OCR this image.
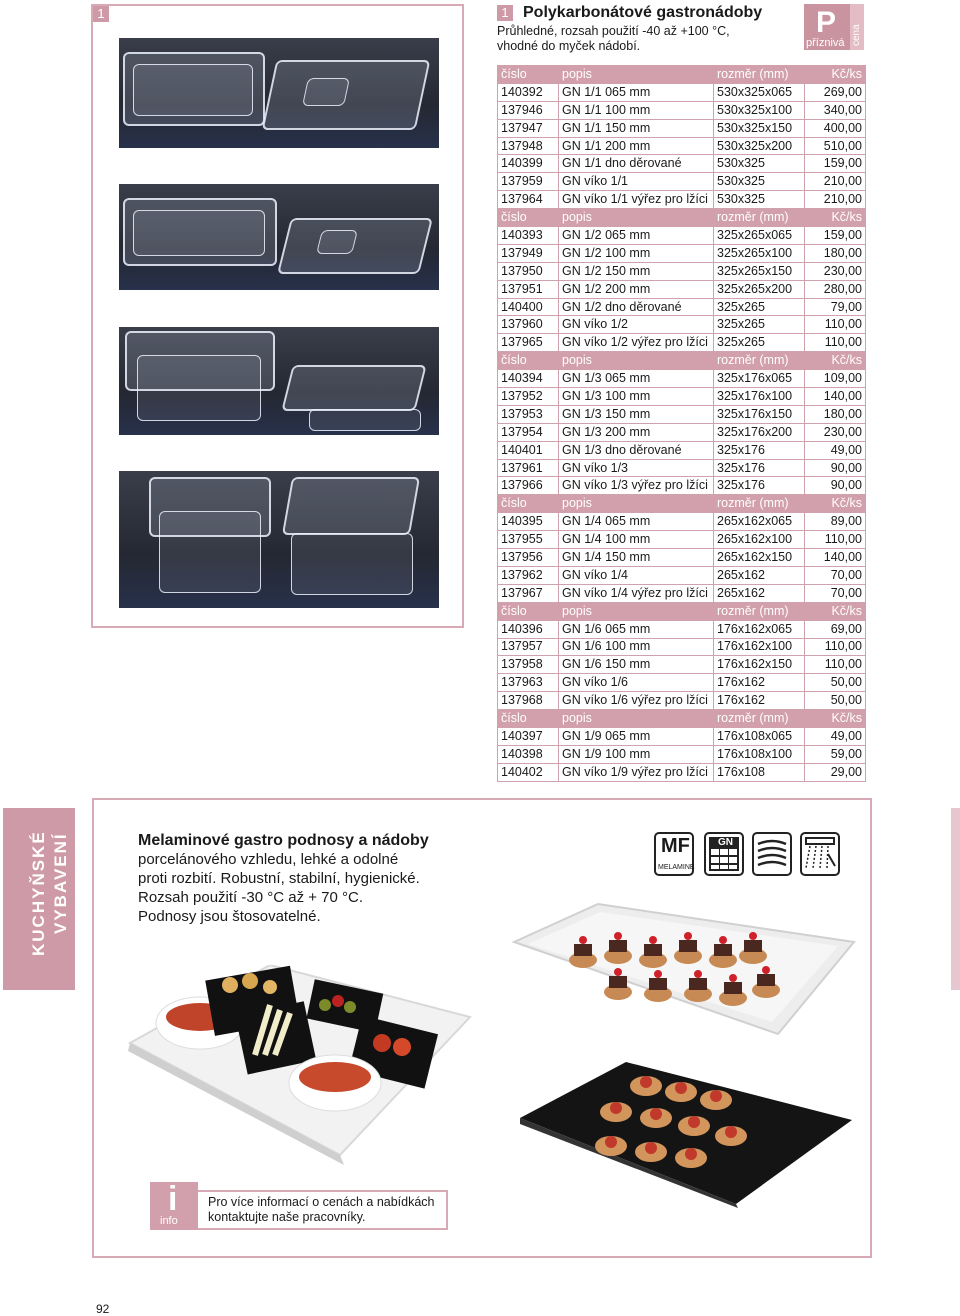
1	1 Polykarbonátové gastronádoby
Průhledné, rozsah použití -40 až +100 °C,
vhodné do myček nádobí.
P
příznivá cena
číslo	popis	rozměr (mm)	Kč/ks
140392	GN 1/1 065 mm	530x325x065	269,00
137946	GN 1/1 100 mm	530x325x100	340,00
137947	GN 1/1 150 mm	530x325x150	400,00
137948	GN 1/1 200 mm	530x325x200	510,00
140399	GN 1/1 dno děrované	530x325	159,00
137959	GN víko 1/1	530x325	210,00
137964	GN víko 1/1 výřez pro lžíci	530x325	210,00
číslo	popis	rozměr (mm)	Kč/ks
140393	GN 1/2 065 mm	325x265x065	159,00
137949	GN 1/2 100 mm	325x265x100	180,00
137950	GN 1/2 150 mm	325x265x150	230,00
137951	GN 1/2 200 mm	325x265x200	280,00
140400	GN 1/2 dno děrované	325x265	79,00
137960	GN víko 1/2	325x265	110,00
137965	GN víko 1/2 výřez pro lžíci	325x265	110,00
číslo	popis	rozměr (mm)	Kč/ks
140394	GN 1/3 065 mm	325x176x065	109,00
137952	GN 1/3 100 mm	325x176x100	140,00
137953	GN 1/3 150 mm	325x176x150	180,00
137954	GN 1/3 200 mm	325x176x200	230,00
140401	GN 1/3 dno děrované	325x176	49,00
137961	GN víko 1/3	325x176	90,00
137966	GN víko 1/3 výřez pro lžíci	325x176	90,00
číslo	popis	rozměr (mm)	Kč/ks
140395	GN 1/4 065 mm	265x162x065	89,00
137955	GN 1/4 100 mm	265x162x100	110,00
137956	GN 1/4 150 mm	265x162x150	140,00
137962	GN víko 1/4	265x162	70,00
137967	GN víko 1/4 výřez pro lžíci	265x162	70,00
číslo	popis	rozměr (mm)	Kč/ks
140396	GN 1/6 065 mm	176x162x065	69,00
137957	GN 1/6 100 mm	176x162x100	110,00
137958	GN 1/6 150 mm	176x162x150	110,00
137963	GN víko 1/6	176x162	50,00
137968	GN víko 1/6 výřez pro lžíci	176x162	50,00
číslo	popis	rozměr (mm)	Kč/ks
140397	GN 1/9 065 mm	176x108x065	49,00
140398	GN 1/9 100 mm	176x108x100	59,00
140402	GN víko 1/9 výřez pro lžíci	176x108	29,00
KUCHYŇSKÉ VYBAVENÍ	Melaminové gastro podnosy a nádoby
porcelánového vzhledu, lehké a odolné
proti rozbití. Robustní, stabilní, hygienické.
Rozsah použití -30 °C až + 70 °C.
Podnosy jsou štosovatelné.
MF
MELAMINE
GN
i
info
Pro více informací o cenách a nabídkách
kontaktujte naše pracovníky.
92
